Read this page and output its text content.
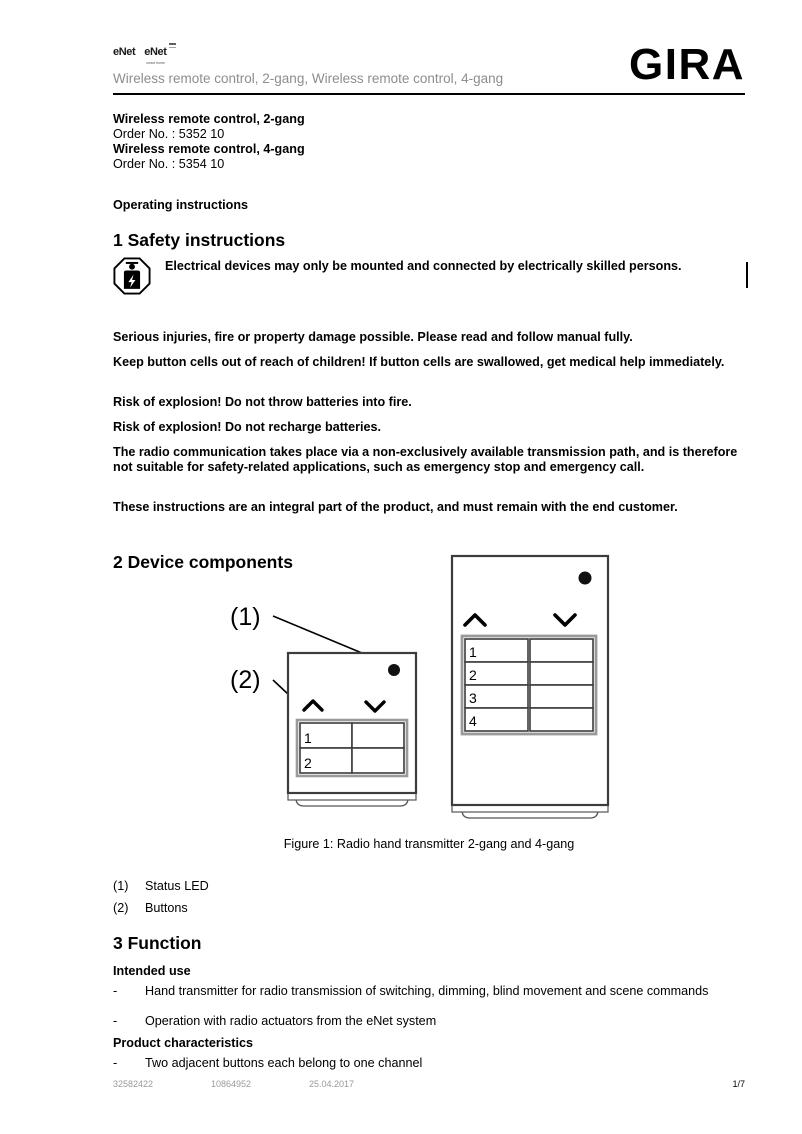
eNet eNet
smart home
Wireless remote control, 2-gang, Wireless remote control, 4-gang	GIRA
Wireless remote control, 2-gang
Order No. : 5352 10
Wireless remote control, 4-gang
Order No. : 5354 10
Operating instructions
1 Safety instructions
Electrical devices may only be mounted and connected by electrically skilled persons.
Serious injuries, fire or property damage possible. Please read and follow manual fully.
Keep button cells out of reach of children! If button cells are swallowed, get medical help immediately.
Risk of explosion! Do not throw batteries into fire.
Risk of explosion! Do not recharge batteries.
The radio communication takes place via a non-exclusively available transmission path, and is therefore not suitable for safety-related applications, such as emergency stop and emergency call.
These instructions are an integral part of the product, and must remain with the end customer.
2 Device components
(1)
(2)
1
2
1
2
3
4
Figure 1: Radio hand transmitter 2-gang and 4-gang
(1) Status LED
(2) Buttons
3 Function
Intended use
- Hand transmitter for radio transmission of switching, dimming, blind movement and scene commands
- Operation with radio actuators from the eNet system
Product characteristics
- Two adjacent buttons each belong to one channel
32582422	10864952	25.04.2017	1/7
